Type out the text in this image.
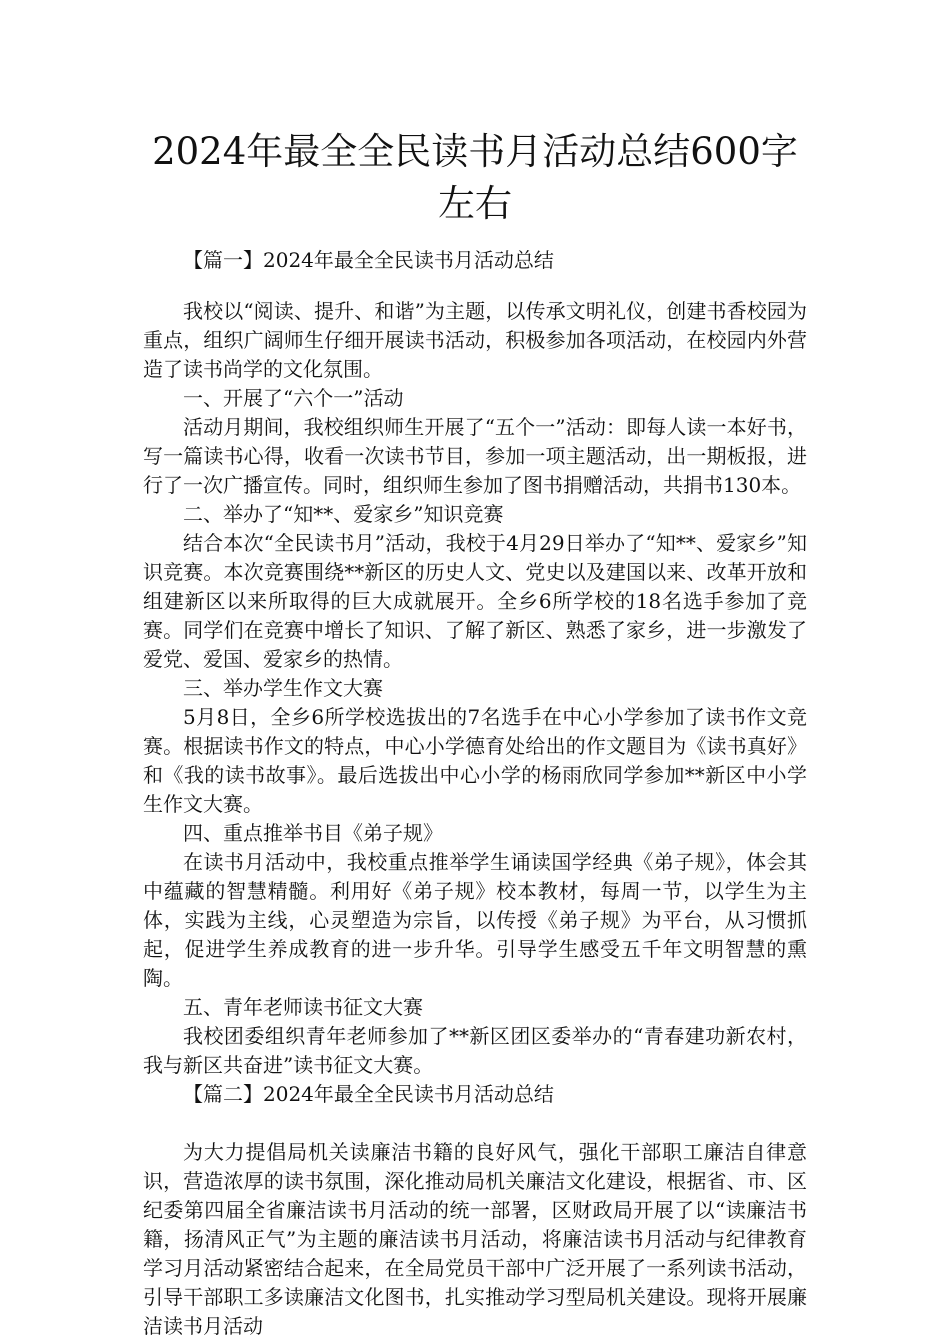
2024年最全全民读书月活动总结600字左右

【篇一】2024年最全全民读书月活动总结

我校以“阅读、提升、和谐”为主题，以传承文明礼仪，创建书香校园为重点，组织广阔师生仔细开展读书活动，积极参加各项活动，在校园内外营造了读书尚学的文化氛围。

一、开展了“六个一”活动

活动月期间，我校组织师生开展了“五个一”活动：即每人读一本好书，写一篇读书心得，收看一次读书节目，参加一项主题活动，出一期板报，进行了一次广播宣传。同时，组织师生参加了图书捐赠活动，共捐书130本。

二、举办了“知**、爱家乡”知识竞赛

结合本次“全民读书月”活动，我校于4月29日举办了“知**、爱家乡”知识竞赛。本次竞赛围绕**新区的历史人文、党史以及建国以来、改革开放和组建新区以来所取得的巨大成就展开。全乡6所学校的18名选手参加了竞赛。同学们在竞赛中增长了知识、了解了新区、熟悉了家乡，进一步激发了爱党、爱国、爱家乡的热情。

三、举办学生作文大赛

5月8日，全乡6所学校选拔出的7名选手在中心小学参加了读书作文竞赛。根据读书作文的特点，中心小学德育处给出的作文题目为《读书真好》和《我的读书故事》。最后选拔出中心小学的杨雨欣同学参加**新区中小学生作文大赛。

四、重点推举书目《弟子规》

在读书月活动中，我校重点推举学生诵读国学经典《弟子规》，体会其中蕴藏的智慧精髓。利用好《弟子规》校本教材，每周一节，以学生为主体，实践为主线，心灵塑造为宗旨，以传授《弟子规》为平台，从习惯抓起，促进学生养成教育的进一步升华。引导学生感受五千年文明智慧的熏陶。

五、青年老师读书征文大赛

我校团委组织青年老师参加了**新区团区委举办的“青春建功新农村，我与新区共奋进”读书征文大赛。

【篇二】2024年最全全民读书月活动总结

为大力提倡局机关读廉洁书籍的良好风气，强化干部职工廉洁自律意识，营造浓厚的读书氛围，深化推动局机关廉洁文化建设，根据省、市、区纪委第四届全省廉洁读书月活动的统一部署，区财政局开展了以“读廉洁书籍，扬清风正气”为主题的廉洁读书月活动，将廉洁读书月活动与纪律教育学习月活动紧密结合起来，在全局党员干部中广泛开展了一系列读书活动，引导干部职工多读廉洁文化图书，扎实推动学习型局机关建设。现将开展廉洁读书月活动
